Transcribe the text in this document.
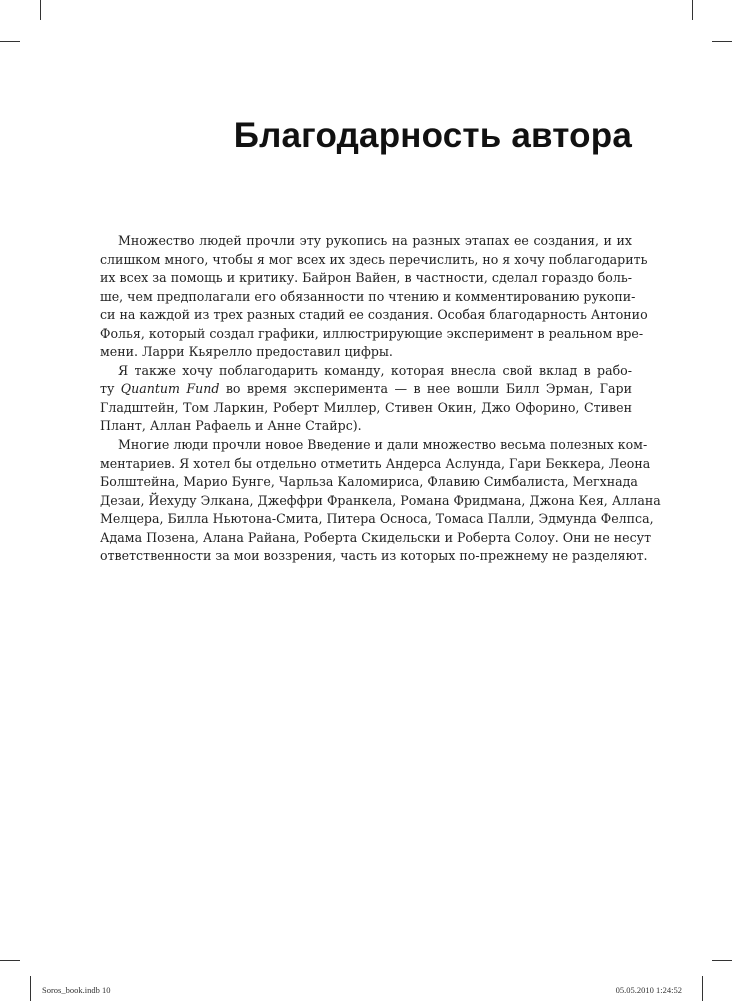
Благодарность автора
Множество людей прочли эту рукопись на разных этапах ее создания, и их
слишком много, чтобы я мог всех их здесь перечислить, но я хочу поблагодарить
их всех за помощь и критику. Байрон Вайен, в частности, сделал гораздо боль-
ше, чем предполагали его обязанности по чтению и комментированию рукопи-
си на каждой из трех разных стадий ее создания. Особая благодарность Антонио
Фолья, который создал графики, иллюстрирующие эксперимент в реальном вре-
мени. Ларри Кьярелло предоставил цифры.
Я также хочу поблагодарить команду, которая внесла свой вклад в рабо-
ту Quantum Fund во время эксперимента — в нее вошли Билл Эрман, Гари
Гладштейн, Том Ларкин, Роберт Миллер, Стивен Окин, Джо Офорино, Стивен
Плант, Аллан Рафаель и Анне Стайрс).
Многие люди прочли новое Введение и дали множество весьма полезных ком-
ментариев. Я хотел бы отдельно отметить Андерса Аслунда, Гари Беккера, Леона
Болштейна, Марио Бунге, Чарльза Каломириса, Флавию Симбалиста, Мегхнада
Дезаи, Йехуду Элкана, Джеффри Франкела, Романа Фридмана, Джона Кея, Аллана
Мелцера, Билла Ньютона-Смита, Питера Осноса, Томаса Палли, Эдмунда Фелпса,
Адама Позена, Алана Райана, Роберта Скидельски и Роберта Солоу. Они не несут
ответственности за мои воззрения, часть из которых по-прежнему не разделяют.
Soros_book.indb 10	05.05.2010 1:24:52
